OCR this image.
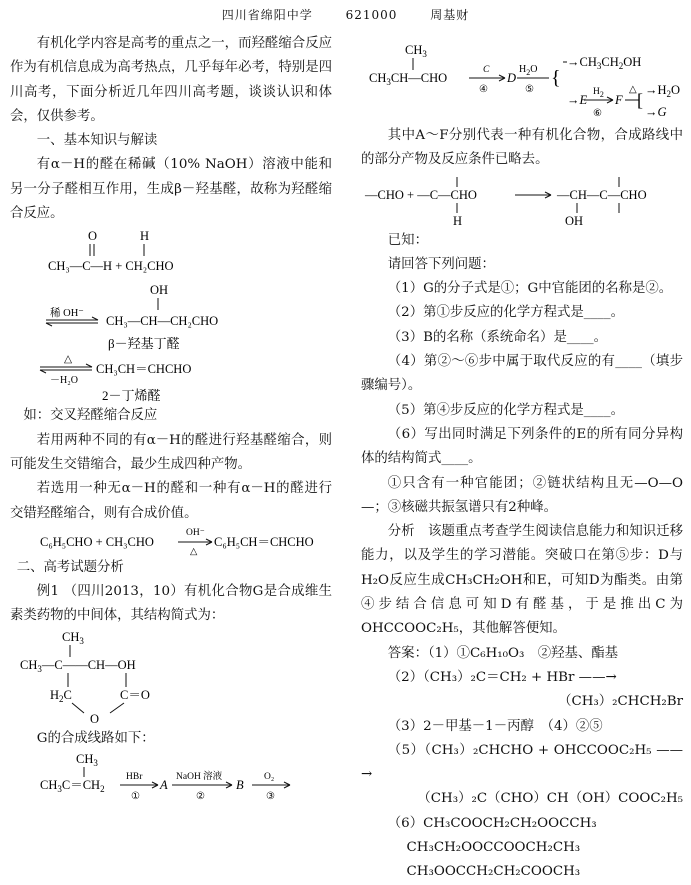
四川省绵阳中学	621000	周基财

有机化学内容是高考的重点之一，而羟醛缩合反应作为有机信息成为高考热点，几乎每年必考，特别是四川高考，下面分析近几年四川高考题，谈谈认识和体会，仅供参考。

一、基本知识与解读

有α－H的醛在稀碱（10% NaOH）溶液中能和另一分子醛相互作用，生成β－羟基醛，故称为羟醛缩合反应。

O	H
CH₃—C—H + CH₂CHO
OH
稀 OH⁻
CH₃—CH—CH₂CHO
β－羟基丁醛
△
－H₂O
CH₃CH＝CHCHO
2－丁烯醛

如：交叉羟醛缩合反应

若用两种不同的有α－H的醛进行羟基醛缩合，则可能发生交错缩合，最少生成四种产物。

若选用一种无α－H的醛和一种有α－H的醛进行交错羟醛缩合，则有合成价值。

C₆H₅CHO + CH₃CHO
OH⁻
△
C₆H₅CH＝CHCHO

二、高考试题分析

例1 （四川2013，10）有机化合物G是合成维生素类药物的中间体，其结构简式为：

$CH_3$
$CH_3—C——CH—OH$
$H_2C$	C＝O
O

G的合成线路如下：

$CH_3$
$CH_3C=CH_2$
HBr
①
A
NaOH 溶液
②
B
O₂
③
$CH_3$
$CH_3CH—CHO$
C
④
D
$H_2O$
⑤
{
$\to CH_3CH_2OH$
→E
$H_2$
⑥
F
△
[ $\to H_2O$
→G

其中A～F分别代表一种有机化合物，合成路线中的部分产物及反应条件已略去。

—CHO + —C—CHO
H
—CH—C—CHO
OH

已知：

请回答下列问题：

（1）G的分子式是①；G中官能团的名称是②。

（2）第①步反应的化学方程式是____。

（3）B的名称（系统命名）是____。

（4）第②～⑥步中属于取代反应的有____（填步骤编号）。

（5）第④步反应的化学方程式是____。

（6）写出同时满足下列条件的E的所有同分异构体的结构简式____。

①只含有一种官能团；②链状结构且无—O—O—；③核磁共振氢谱只有2种峰。

分析　该题重点考查学生阅读信息能力和知识迁移能力，以及学生的学习潜能。突破口在第⑤步：D与H₂O反应生成CH₃CH₂OH和E，可知D为酯类。由第④步结合信息可知D有醛基，于是推出C为OHCCOOC₂H₅，其他解答便知。

答案：（1）①C₆H₁₀O₃　②羟基、酯基

（2）（CH₃）₂C＝CH₂ + HBr ——→

（CH₃）₂CHCH₂Br

（3）2－甲基－1－丙醇　（4）②⑤

（5）（CH₃）₂CHCHO + OHCCOOC₂H₅ ——→

（CH₃）₂C（CHO）CH（OH）COOC₂H₅

（6）CH₃COOCH₂CH₂OOCCH₃

CH₃CH₂OOCCOOCH₂CH₃

CH₃OOCCH₂CH₂COOCH₃
